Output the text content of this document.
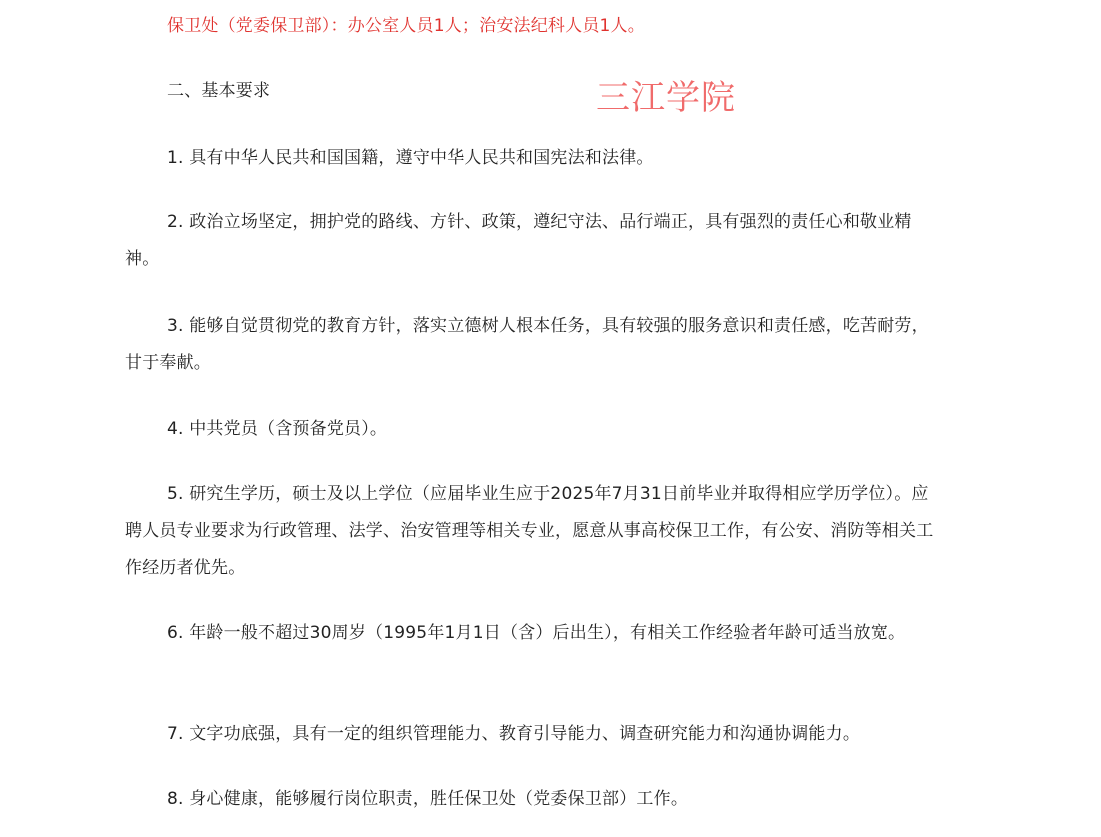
保卫处（党委保卫部）：办公室人员1人；治安法纪科人员1人。

二、基本要求

1. 具有中华人民共和国国籍，遵守中华人民共和国宪法和法律。

2. 政治立场坚定，拥护党的路线、方针、政策，遵纪守法、品行端正，具有强烈的责任心和敬业精神。

3. 能够自觉贯彻党的教育方针，落实立德树人根本任务，具有较强的服务意识和责任感，吃苦耐劳，甘于奉献。

4. 中共党员（含预备党员）。

5. 研究生学历，硕士及以上学位（应届毕业生应于2025年7月31日前毕业并取得相应学历学位）。应聘人员专业要求为行政管理、法学、治安管理等相关专业，愿意从事高校保卫工作，有公安、消防等相关工作经历者优先。

6. 年龄一般不超过30周岁（1995年1月1日（含）后出生），有相关工作经验者年龄可适当放宽。

7. 文字功底强，具有一定的组织管理能力、教育引导能力、调查研究能力和沟通协调能力。

8. 身心健康，能够履行岗位职责，胜任保卫处（党委保卫部）工作。

三江学院
